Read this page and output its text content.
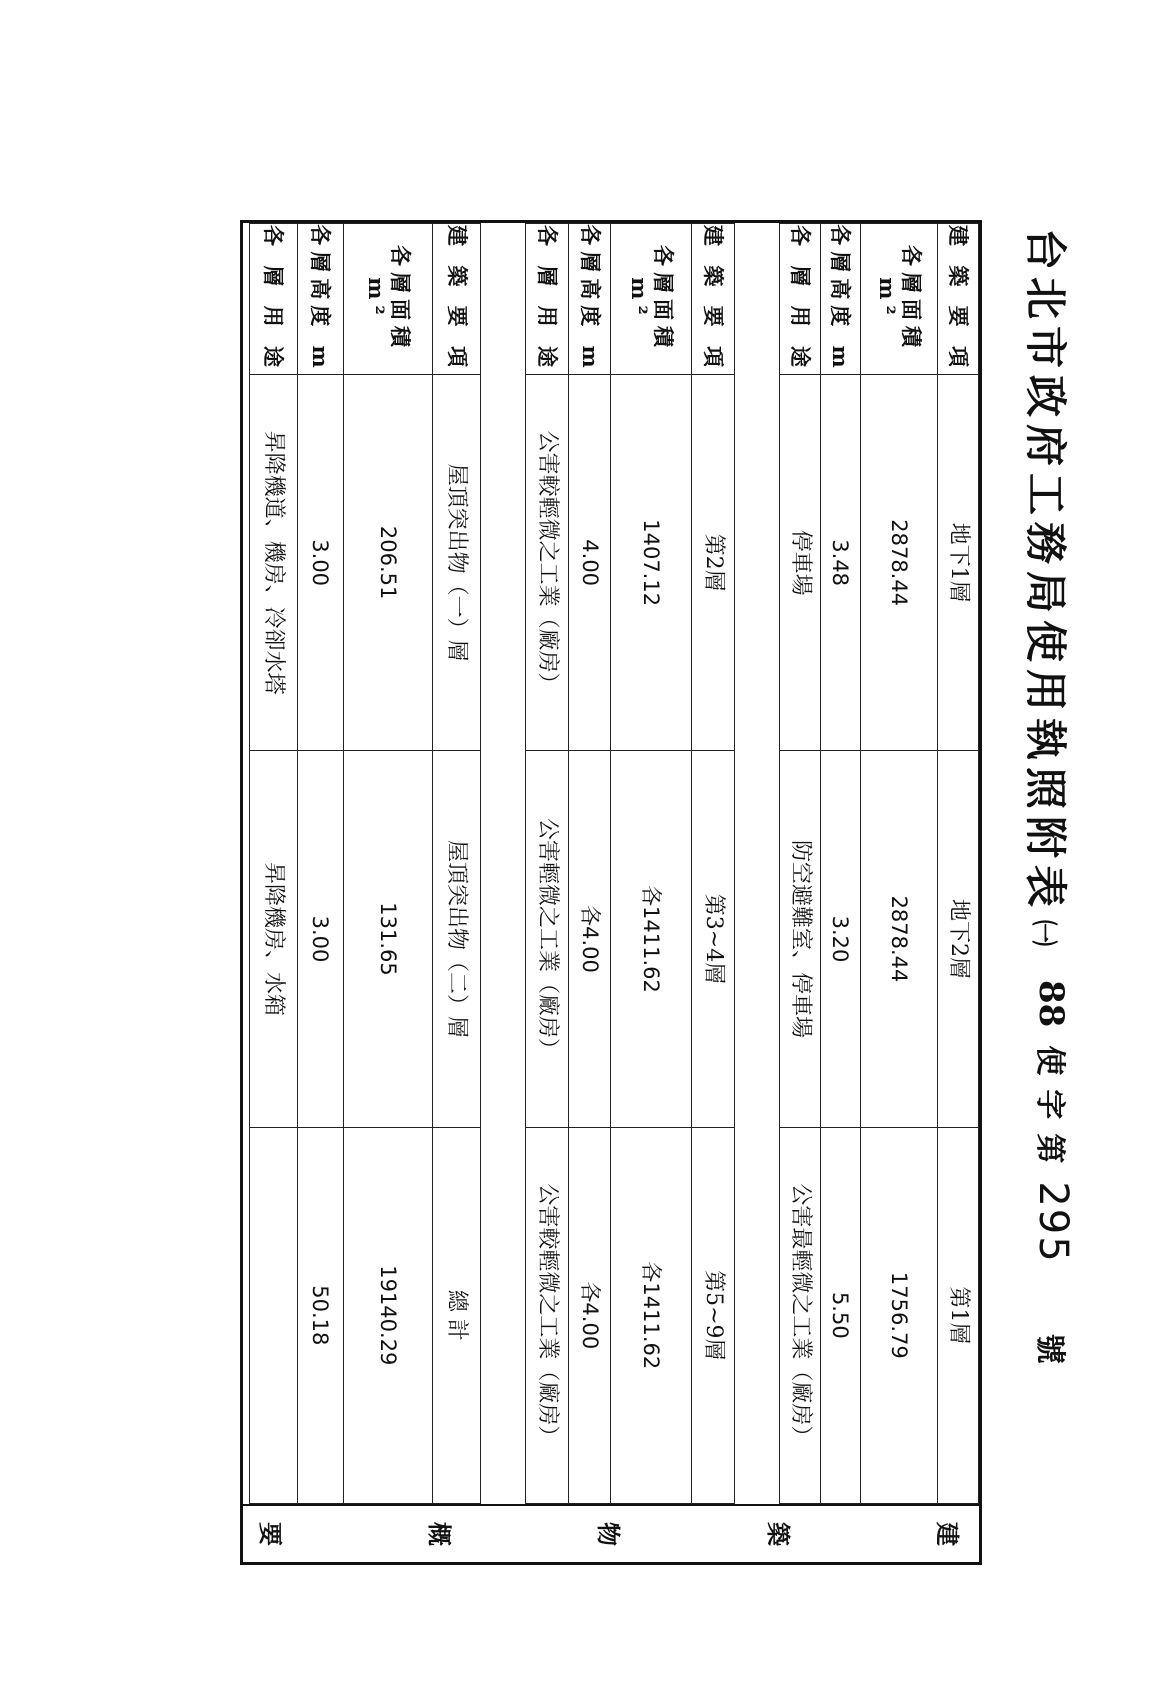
台北市政府工務局使用執照附表㈠
88使字第295號
建 築 要 項	地下1層	地下2層	第1層
各層面積m²	2878.44	2878.44	1756.79
各層高度 m	3.48	3.20	5.50
各 層 用 途	停車場	防空避難室、停車場	公害最輕微之工業（廠房）
建 築 要 項	第2層	第3~4層	第5~9層
各層面積m²	1407.12	各1411.62	各1411.62
各層高度 m	4.00	各4.00	各4.00
各 層 用 途	公害較輕微之工業（廠房）	公害輕微之工業（廠房）	公害較輕微之工業（廠房）
建 築 要 項	屋頂突出物（一）層	屋頂突出物（二）層	總 計
各層面積m²	206.51	131.65	19140.29
各層高度 m	3.00	3.00	50.18
各 層 用 途	昇降機道、機房、冷卻水塔	昇降機房、水箱	
建
築
物
概
要
